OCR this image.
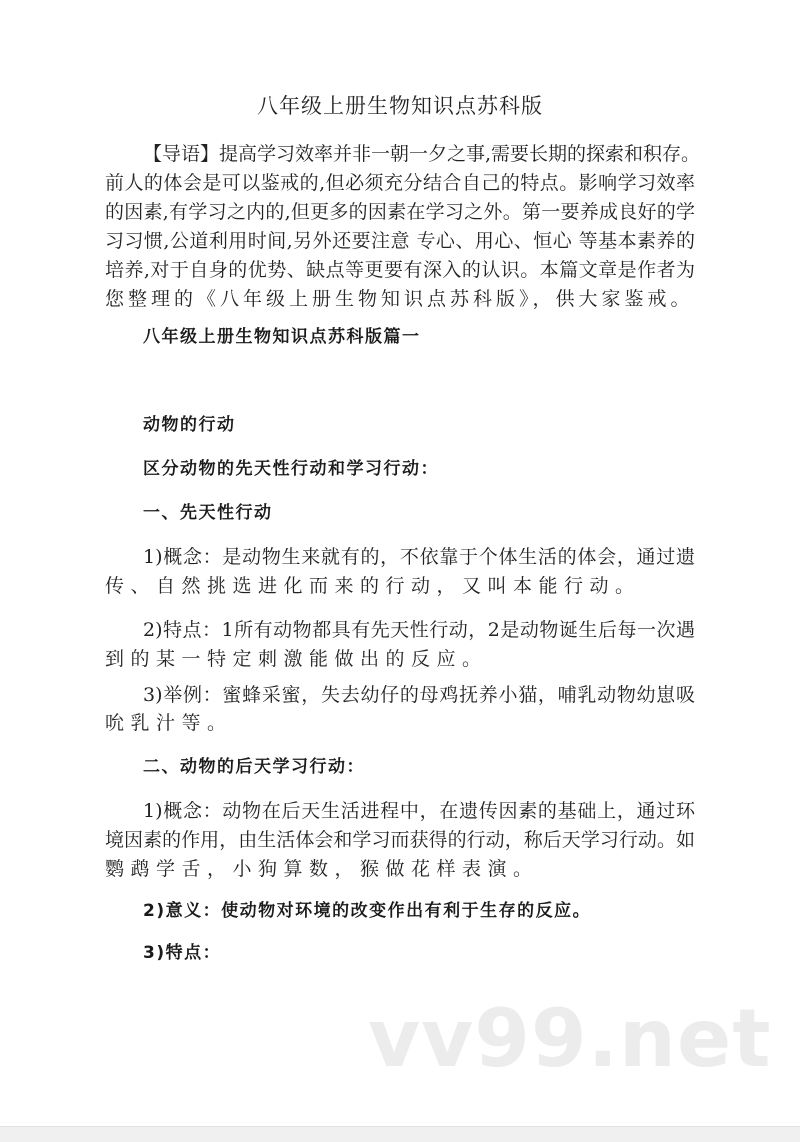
八年级上册生物知识点苏科版
【导语】提高学习效率并非一朝一夕之事,需要长期的探索和积存。
前人的体会是可以鉴戒的,但必须充分结合自己的特点。影响学习效率
的因素,有学习之内的,但更多的因素在学习之外。第一要养成良好的学
习习惯,公道利用时间,另外还要注意 专心、用心、恒心 等基本素养的
培养,对于自身的优势、缺点等更要有深入的认识。本篇文章是作者为
您整理的《八年级上册生物知识点苏科版》，供大家鉴戒。
八年级上册生物知识点苏科版篇一
动物的行动
区分动物的先天性行动和学习行动：
一、先天性行动
1)概念：是动物生来就有的，不依靠于个体生活的体会，通过遗
传、自然挑选进化而来的行动，又叫本能行动。
2)特点：1所有动物都具有先天性行动，2是动物诞生后每一次遇
到的某一特定刺激能做出的反应。
3)举例：蜜蜂采蜜，失去幼仔的母鸡抚养小猫，哺乳动物幼崽吸
吮乳汁等。
二、动物的后天学习行动：
1)概念：动物在后天生活进程中，在遗传因素的基础上，通过环
境因素的作用，由生活体会和学习而获得的行动，称后天学习行动。如
鹦鹉学舌，小狗算数，猴做花样表演。
2)意义：使动物对环境的改变作出有利于生存的反应。
3)特点：
vv99.net
